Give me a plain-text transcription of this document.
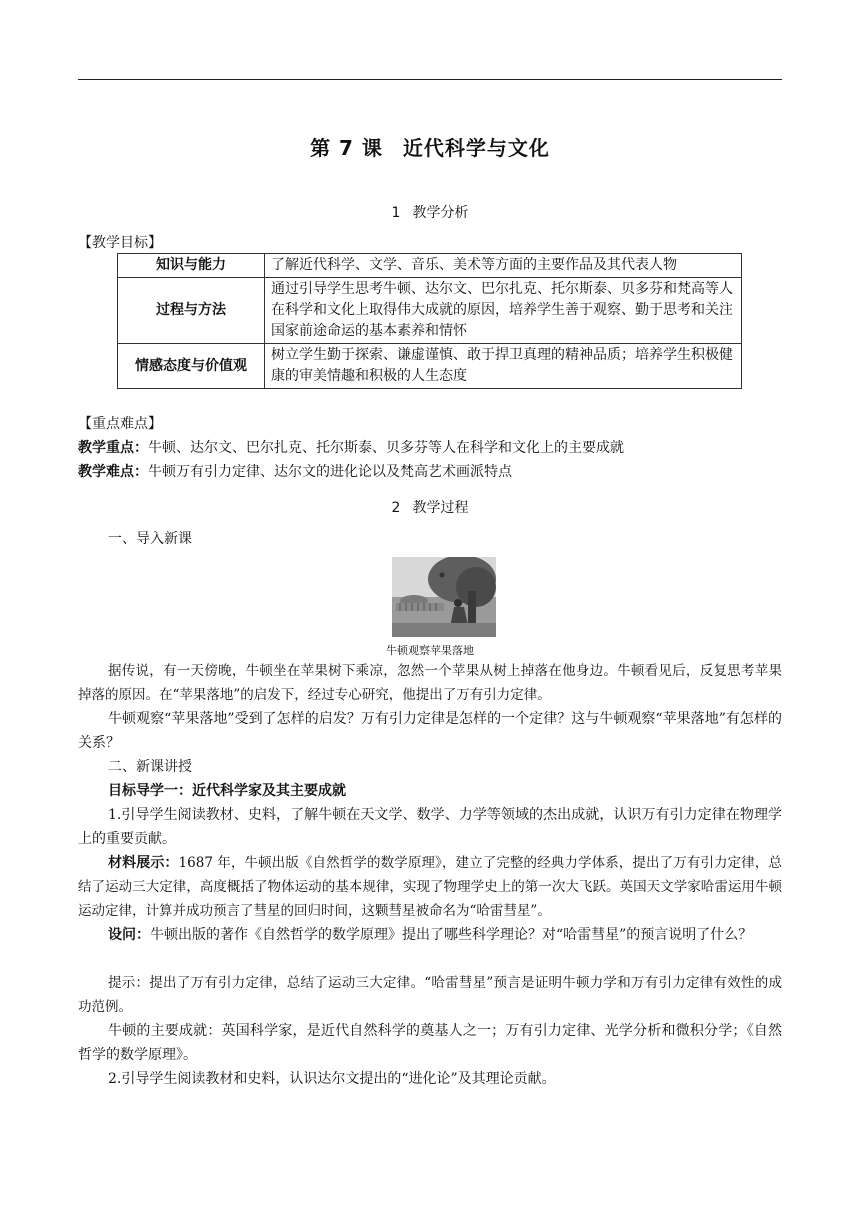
第 7 课 近代科学与文化
1 教学分析
【教学目标】
知识与能力	了解近代科学、文学、音乐、美术等方面的主要作品及其代表人物
过程与方法	通过引导学生思考牛顿、达尔文、巴尔扎克、托尔斯泰、贝多芬和梵高等人在科学和文化上取得伟大成就的原因，培养学生善于观察、勤于思考和关注国家前途命运的基本素养和情怀
情感态度与价值观	树立学生勤于探索、谦虚谨慎、敢于捍卫真理的精神品质；培养学生积极健康的审美情趣和积极的人生态度
【重点难点】
教学重点：牛顿、达尔文、巴尔扎克、托尔斯泰、贝多芬等人在科学和文化上的主要成就
教学难点：牛顿万有引力定律、达尔文的进化论以及梵高艺术画派特点
2 教学过程
一、导入新课
牛顿观察苹果落地
据传说，有一天傍晚，牛顿坐在苹果树下乘凉，忽然一个苹果从树上掉落在他身边。牛顿看见后，反复思考苹果掉落的原因。在“苹果落地”的启发下，经过专心研究，他提出了万有引力定律。
牛顿观察“苹果落地”受到了怎样的启发？万有引力定律是怎样的一个定律？这与牛顿观察“苹果落地”有怎样的关系？
二、新课讲授
目标导学一：近代科学家及其主要成就
1.引导学生阅读教材、史料，了解牛顿在天文学、数学、力学等领域的杰出成就，认识万有引力定律在物理学上的重要贡献。
材料展示：1687 年，牛顿出版《自然哲学的数学原理》，建立了完整的经典力学体系，提出了万有引力定律，总结了运动三大定律，高度概括了物体运动的基本规律，实现了物理学史上的第一次大飞跃。英国天文学家哈雷运用牛顿运动定律，计算并成功预言了彗星的回归时间，这颗彗星被命名为“哈雷彗星”。
设问：牛顿出版的著作《自然哲学的数学原理》提出了哪些科学理论？对“哈雷彗星”的预言说明了什么？
提示：提出了万有引力定律，总结了运动三大定律。“哈雷彗星”预言是证明牛顿力学和万有引力定律有效性的成功范例。
牛顿的主要成就：英国科学家，是近代自然科学的奠基人之一；万有引力定律、光学分析和微积分学；《自然哲学的数学原理》。
2.引导学生阅读教材和史料，认识达尔文提出的“进化论”及其理论贡献。
